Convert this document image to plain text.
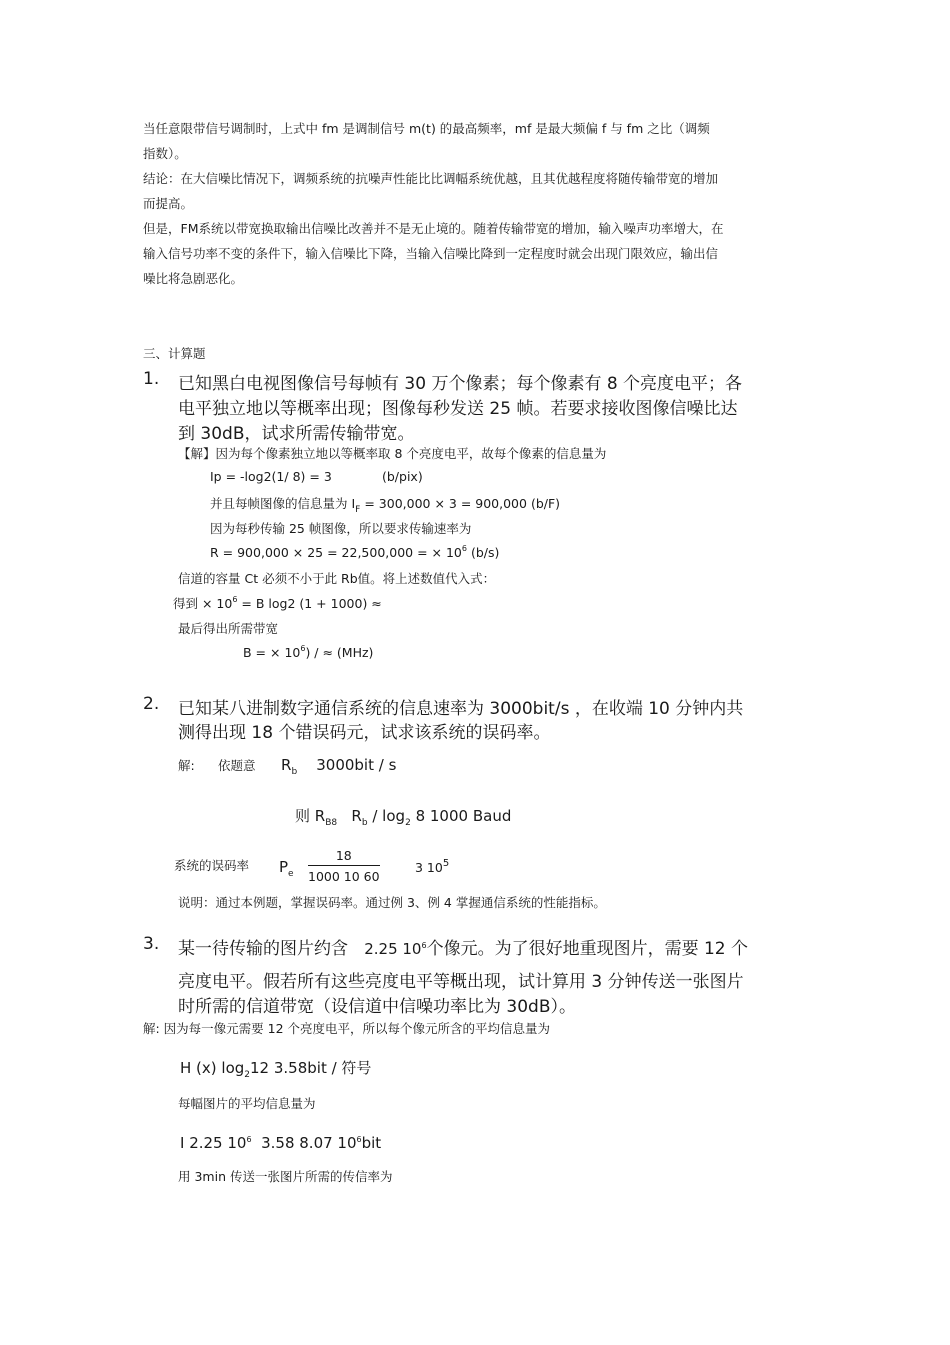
当任意限带信号调制时，上式中 fm 是调制信号 m(t) 的最高频率，mf 是最大频偏 f 与 fm 之比（调频
指数）。
结论：在大信噪比情况下，调频系统的抗噪声性能比比调幅系统优越，且其优越程度将随传输带宽的增加
而提高。
但是，FM系统以带宽换取输出信噪比改善并不是无止境的。随着传输带宽的增加，输入噪声功率增大，在
输入信号功率不变的条件下，输入信噪比下降，当输入信噪比降到一定程度时就会出现门限效应，输出信
噪比将急剧恶化。
三、计算题
1. 已知黑白电视图像信号每帧有 30 万个像素；每个像素有 8 个亮度电平；各
电平独立地以等概率出现；图像每秒发送 25 帧。若要求接收图像信噪比达
到 30dB，试求所需传输带宽。
【解】因为每个像素独立地以等概率取 8 个亮度电平，故每个像素的信息量为
Ip = -log2(1/ 8) = 3	(b/pix)
并且每帧图像的信息量为 $I_F = 300,000 \times 3 = 900,000$ (b/F)
因为每秒传输 25 帧图像，所以要求传输速率为
R = 900,000 × 25 = 22,500,000 = × $10^6$ (b/s)
信道的容量 Ct 必须不小于此 Rb值。将上述数值代入式：
得到 × $10^6 = B$ log2 (1 + 1000) ≈
最后得出所需带宽
B = × $10^6$) / ≈ (MHz)
2. 已知某八进制数字通信系统的信息速率为 3000bit/s ，在收端 10 分钟内共
测得出现 18 个错误码元，试求该系统的误码率。
解: 依题意 $R_b$ 3000bit / s
则 $R_{B8}$ $R_b / \log_2 8$ 1000 Baud
系统的误码率 $P_e \frac{18}{1000 10 60}$	3 $10^5$
说明：通过本例题，掌握误码率。通过例 3、例 4 掌握通信系统的性能指标。
3. 某一待传输的图片约含 2.25 $10^6$个像元。为了很好地重现图片，需要 12 个
亮度电平。假若所有这些亮度电平等概出现，试计算用 3 分钟传送一张图片
时所需的信道带宽（设信道中信噪功率比为 30dB）。
解: 因为每一像元需要 12 个亮度电平，所以每个像元所含的平均信息量为
H (x) $\log_212$ 3.58bit / 符号
每幅图片的平均信息量为
I 2.25 $10^6$ 3.58 8.07 $10^6bit$
用 3min 传送一张图片所需的传信率为
